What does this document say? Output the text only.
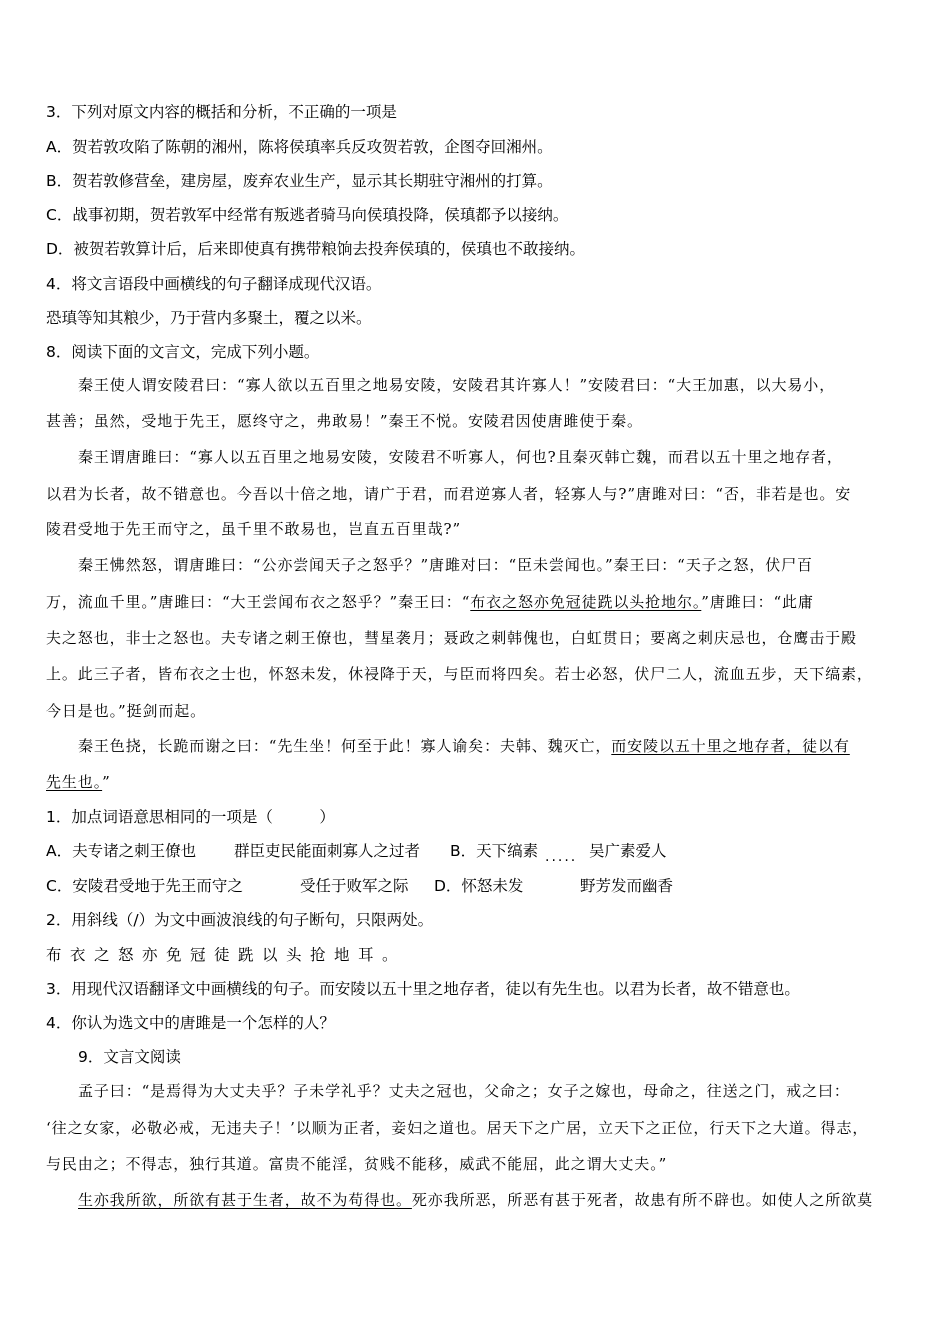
3．下列对原文内容的概括和分析，不正确的一项是
A．贺若敦攻陷了陈朝的湘州，陈将侯瑱率兵反攻贺若敦，企图夺回湘州。
B．贺若敦修营垒，建房屋，废弃农业生产，显示其长期驻守湘州的打算。
C．战事初期，贺若敦军中经常有叛逃者骑马向侯瑱投降，侯瑱都予以接纳。
D．被贺若敦算计后，后来即使真有携带粮饷去投奔侯瑱的，侯瑱也不敢接纳。
4．将文言语段中画横线的句子翻译成现代汉语。
恐瑱等知其粮少，乃于营内多聚土，覆之以米。
8．阅读下面的文言文，完成下列小题。
秦王使人谓安陵君曰：“寡人欲以五百里之地易安陵，安陵君其许寡人！”安陵君曰：“大王加惠，以大易小，
甚善；虽然，受地于先王，愿终守之，弗敢易！”秦王不悦。安陵君因使唐雎使于秦。
秦王谓唐雎曰：“寡人以五百里之地易安陵，安陵君不听寡人，何也?且秦灭韩亡魏，而君以五十里之地存者，
以君为长者，故不错意也。今吾以十倍之地，请广于君，而君逆寡人者，轻寡人与?”唐雎对曰：“否，非若是也。安
陵君受地于先王而守之，虽千里不敢易也，岂直五百里哉?”
秦王怫然怒，谓唐雎曰：“公亦尝闻天子之怒乎？”唐雎对曰：“臣未尝闻也。”秦王曰：“天子之怒，伏尸百
万，流血千里。”唐雎曰：“大王尝闻布衣之怒乎？”秦王曰：“布衣之怒亦免冠徒跣以头抢地尔。”唐雎曰：“此庸
夫之怒也，非士之怒也。夫专诸之刺王僚也，彗星袭月；聂政之刺韩傀也，白虹贯日；要离之刺庆忌也，仓鹰击于殿
上。此三子者，皆布衣之士也，怀怒未发，休祲降于天，与臣而将四矣。若士必怒，伏尸二人，流血五步，天下缟素，
今日是也。”挺剑而起。
秦王色挠，长跪而谢之曰：“先生坐！何至于此！寡人谕矣：夫韩、魏灭亡，而安陵以五十里之地存者，徒以有
先生也。”
1．加点词语意思相同的一项是（　　　）
A．夫专诸之刺王僚也 群臣吏民能面刺寡人之过者 B．天下缟素 ..... 吴广素爱人
C．安陵君受地于先王而守之	受任于败军之际 D．怀怒未发	野芳发而幽香
2．用斜线（/）为文中画波浪线的句子断句，只限两处。
布衣之怒亦免冠徒跣以头抢地耳。
3．用现代汉语翻译文中画横线的句子。而安陵以五十里之地存者，徒以有先生也。以君为长者，故不错意也。
4．你认为选文中的唐雎是一个怎样的人？
9．文言文阅读
孟子曰：“是焉得为大丈夫乎？子未学礼乎？丈夫之冠也，父命之；女子之嫁也，母命之，往送之门，戒之曰：
‘往之女家，必敬必戒，无违夫子！’以顺为正者，妾妇之道也。居天下之广居，立天下之正位，行天下之大道。得志，
与民由之；不得志，独行其道。富贵不能淫，贫贱不能移，威武不能屈，此之谓大丈夫。”
生亦我所欲，所欲有甚于生者，故不为苟得也。死亦我所恶，所恶有甚于死者，故患有所不辟也。如使人之所欲莫
